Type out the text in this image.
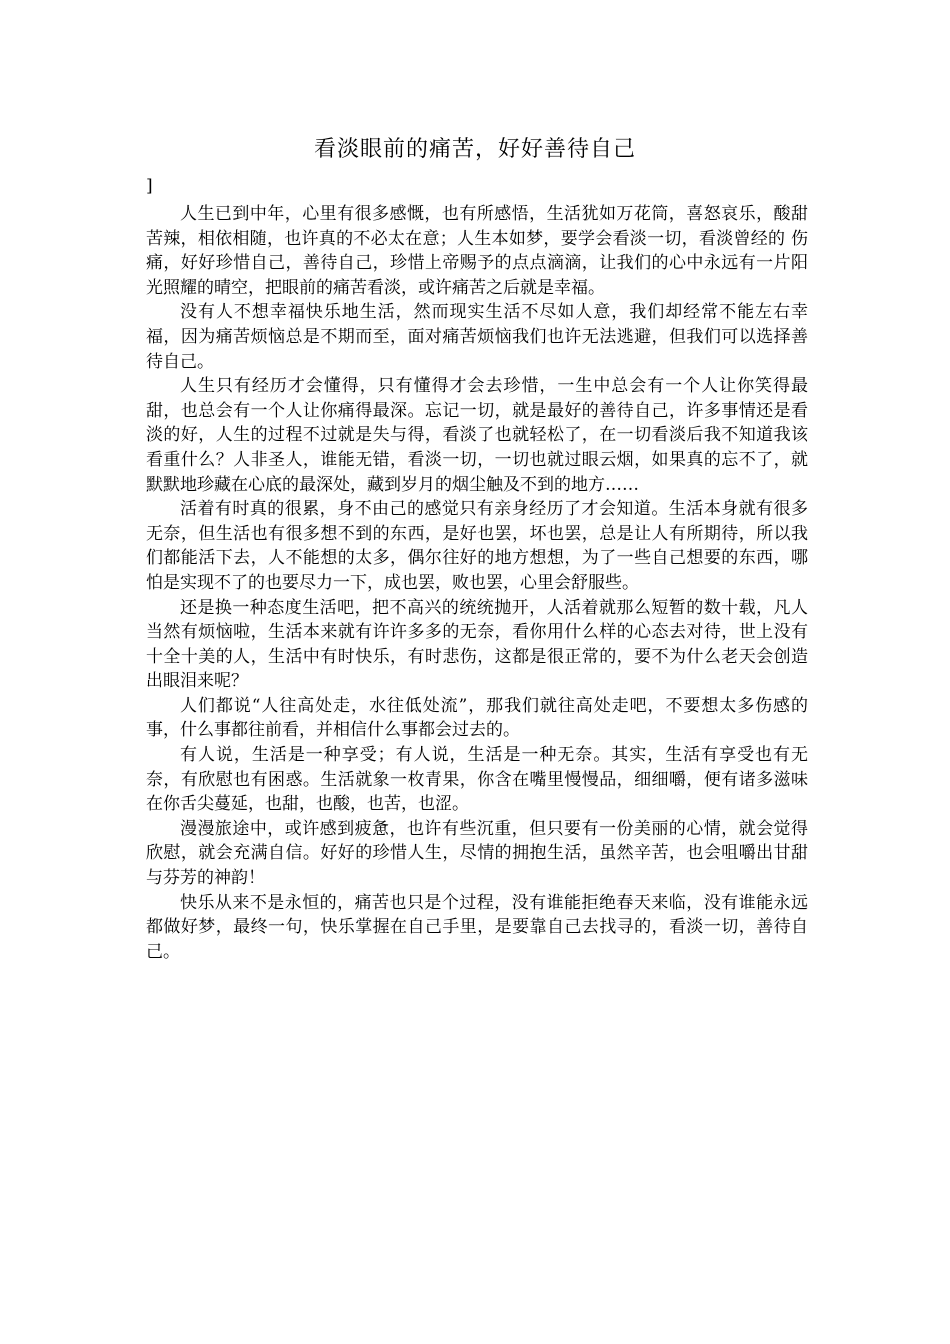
看淡眼前的痛苦，好好善待自己
]

人生已到中年，心里有很多感慨，也有所感悟，生活犹如万花筒，喜怒哀乐，酸甜苦辣，相依相随，也许真的不必太在意；人生本如梦，要学会看淡一切，看淡曾经的 伤痛，好好珍惜自己，善待自己，珍惜上帝赐予的点点滴滴，让我们的心中永远有一片阳光照耀的晴空，把眼前的痛苦看淡，或许痛苦之后就是幸福。

没有人不想幸福快乐地生活，然而现实生活不尽如人意，我们却经常不能左右幸福，因为痛苦烦恼总是不期而至，面对痛苦烦恼我们也许无法逃避，但我们可以选择善待自己。

人生只有经历才会懂得，只有懂得才会去珍惜，一生中总会有一个人让你笑得最甜，也总会有一个人让你痛得最深。忘记一切，就是最好的善待自己，许多事情还是看淡的好，人生的过程不过就是失与得，看淡了也就轻松了，在一切看淡后我不知道我该看重什么？人非圣人，谁能无错，看淡一切，一切也就过眼云烟，如果真的忘不了，就默默地珍藏在心底的最深处，藏到岁月的烟尘触及不到的地方……

活着有时真的很累，身不由己的感觉只有亲身经历了才会知道。生活本身就有很多无奈，但生活也有很多想不到的东西，是好也罢，坏也罢，总是让人有所期待，所以我们都能活下去，人不能想的太多，偶尔往好的地方想想，为了一些自己想要的东西，哪怕是实现不了的也要尽力一下，成也罢，败也罢，心里会舒服些。

还是换一种态度生活吧，把不高兴的统统抛开，人活着就那么短暂的数十载，凡人当然有烦恼啦，生活本来就有许许多多的无奈，看你用什么样的心态去对待，世上没有十全十美的人，生活中有时快乐，有时悲伤，这都是很正常的，要不为什么老天会创造出眼泪来呢？

人们都说“人往高处走，水往低处流”，那我们就往高处走吧，不要想太多伤感的事，什么事都往前看，并相信什么事都会过去的。

有人说，生活是一种享受；有人说，生活是一种无奈。其实，生活有享受也有无奈，有欣慰也有困惑。生活就象一枚青果，你含在嘴里慢慢品，细细嚼，便有诸多滋味在你舌尖蔓延，也甜，也酸，也苦，也涩。

漫漫旅途中，或许感到疲惫，也许有些沉重，但只要有一份美丽的心情，就会觉得欣慰，就会充满自信。好好的珍惜人生，尽情的拥抱生活，虽然辛苦，也会咀嚼出甘甜与芬芳的神韵！

快乐从来不是永恒的，痛苦也只是个过程，没有谁能拒绝春天来临，没有谁能永远都做好梦，最终一句，快乐掌握在自己手里，是要靠自己去找寻的，看淡一切，善待自己。
